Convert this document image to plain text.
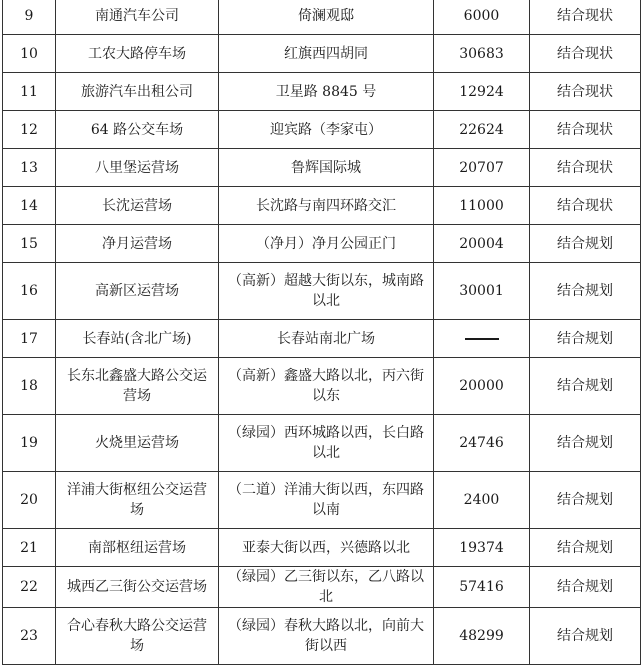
9	南通汽车公司	倚澜观邸	6000	结合现状
10	工农大路停车场	红旗西四胡同	30683	结合现状
11	旅游汽车出租公司	卫星路 8845 号	12924	结合现状
12	64 路公交车场	迎宾路（李家屯）	22624	结合现状
13	八里堡运营场	鲁辉国际城	20707	结合现状
14	长沈运营场	长沈路与南四环路交汇	11000	结合现状
15	净月运营场	（净月）净月公园正门	20004	结合规划
16	高新区运营场	（高新）超越大街以东，城南路以北	30001	结合规划
17	长春站(含北广场)	长春站南北广场		结合规划
18	长东北鑫盛大路公交运营场	（高新）鑫盛大路以北，丙六街以东	20000	结合规划
19	火烧里运营场	（绿园）西环城路以西，长白路以北	24746	结合规划
20	洋浦大街枢纽公交运营场	（二道）洋浦大街以西，东四路以南	2400	结合规划
21	南部枢纽运营场	亚泰大街以西，兴德路以北	19374	结合规划
22	城西乙三街公交运营场	（绿园）乙三街以东，乙八路以北	57416	结合规划
23	合心春秋大路公交运营场	（绿园）春秋大路以北，向前大街以西	48299	结合规划
